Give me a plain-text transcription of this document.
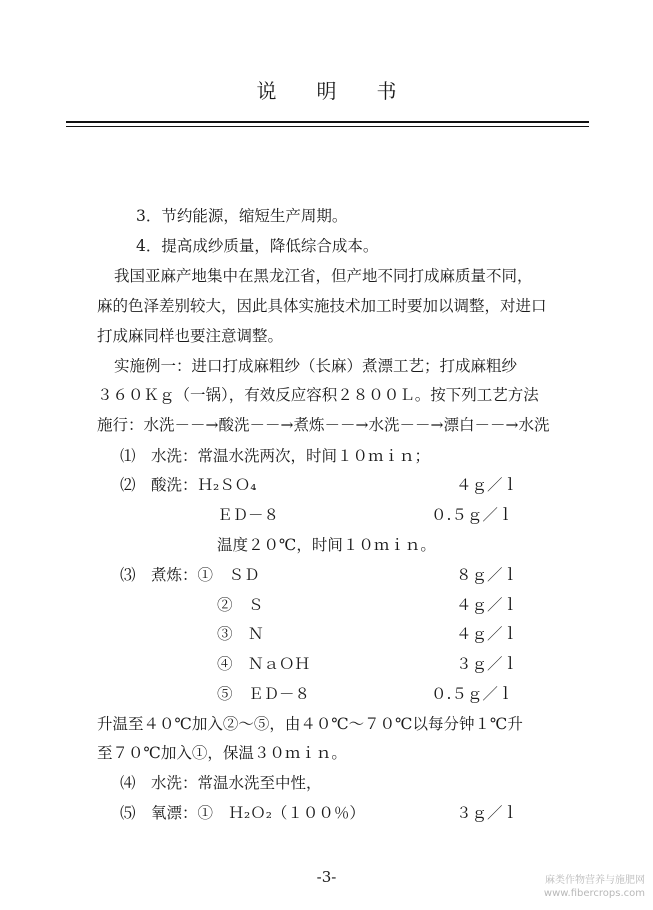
说明书
3．节约能源，缩短生产周期。
4．提高成纱质量，降低综合成本。
我国亚麻产地集中在黑龙江省，但产地不同打成麻质量不同，
麻的色泽差别较大，因此具体实施技术加工时要加以调整，对进口
打成麻同样也要注意调整。
实施例一：进口打成麻粗纱（长麻）煮漂工艺；打成麻粗纱
３６０Ｋｇ（一锅），有效反应容积２８００Ｌ。按下列工艺方法
施行：水洗－－→酸洗－－→煮炼－－→水洗－－→漂白－－→水洗
⑴　水洗：常温水洗两次，时间１０ｍｉｎ；
⑵　酸洗：Ｈ₂ＳＯ₄	４ｇ／ｌ
ＥＤ－８	０.５ｇ／ｌ
温度２０℃，时间１０ｍｉｎ。
⑶　煮炼：①　ＳＤ	８ｇ／ｌ
②　Ｓ	４ｇ／ｌ
③　Ｎ	４ｇ／ｌ
④　ＮａＯＨ	３ｇ／ｌ
⑤　ＥＤ－８	０.５ｇ／ｌ
升温至４０℃加入②～⑤，由４０℃～７０℃以每分钟１℃升
至７０℃加入①，保温３０ｍｉｎ。
⑷　水洗：常温水洗至中性，
⑸　氧漂：①　Ｈ₂Ｏ₂（１００％）	３ｇ／ｌ
-3-	麻类作物营养与施肥网
www.fibercrops.com
